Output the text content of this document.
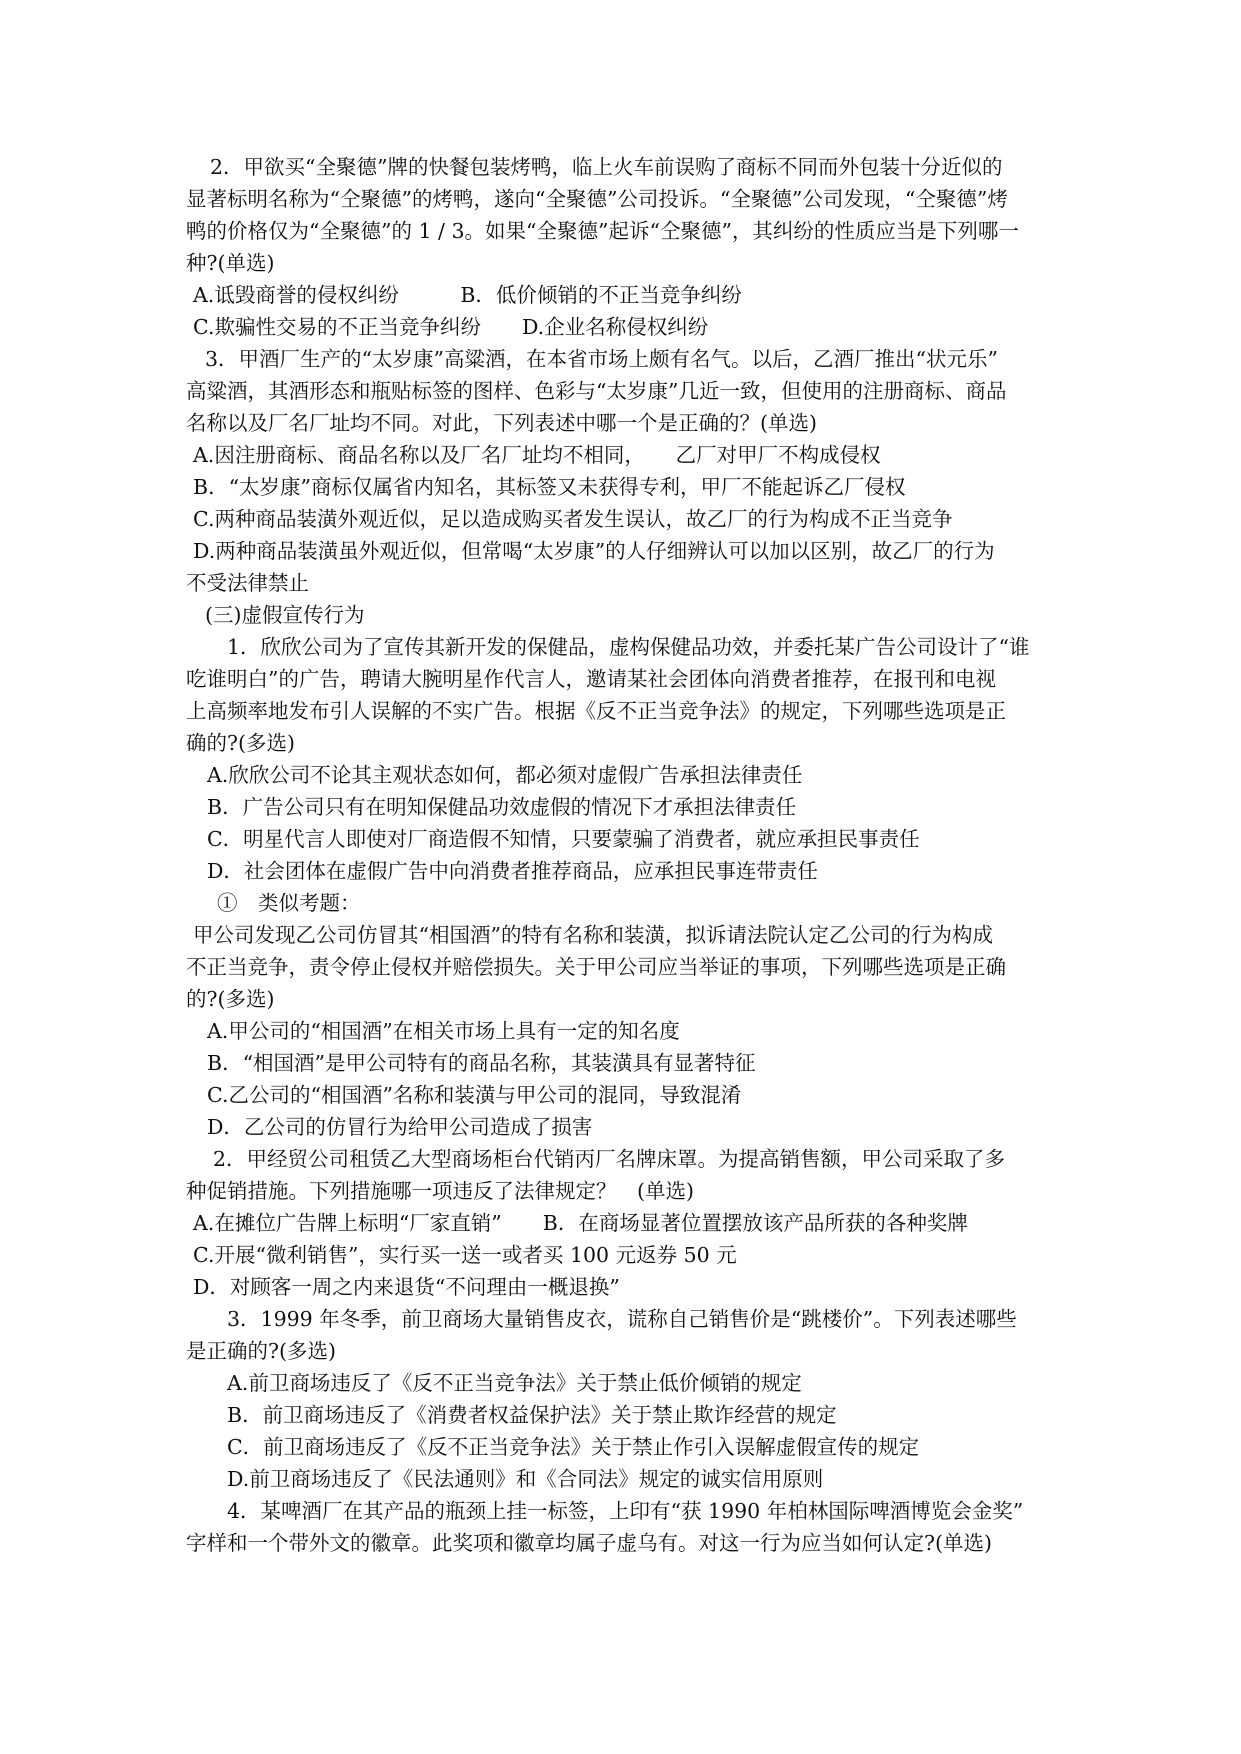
2．甲欲买“全聚德”牌的快餐包装烤鸭，临上火车前误购了商标不同而外包装十分近似的
显著标明名称为“仝聚德”的烤鸭，遂向“全聚德”公司投诉。“全聚德”公司发现，“仝聚德”烤
鸭的价格仅为“全聚德”的 1 / 3。如果“全聚德”起诉“仝聚德”，其纠纷的性质应当是下列哪一
种?(单选)
A.诋毁商誉的侵权纠纷　　　B．低价倾销的不正当竞争纠纷
C.欺骗性交易的不正当竞争纠纷　　D.企业名称侵权纠纷
3．甲酒厂生产的“太岁康”高粱酒，在本省市场上颇有名气。以后，乙酒厂推出“状元乐”
高粱酒，其酒形态和瓶贴标签的图样、色彩与“太岁康”几近一致，但使用的注册商标、商品
名称以及厂名厂址均不同。对此，下列表述中哪一个是正确的？(单选)
A.因注册商标、商品名称以及厂名厂址均不相同，　　乙厂对甲厂不构成侵权
B．“太岁康”商标仅属省内知名，其标签又未获得专利，甲厂不能起诉乙厂侵权
C.两种商品装潢外观近似，足以造成购买者发生误认，故乙厂的行为构成不正当竞争
D.两种商品装潢虽外观近似，但常喝“太岁康”的人仔细辨认可以加以区别，故乙厂的行为
不受法律禁止
(三)虚假宣传行为
1．欣欣公司为了宣传其新开发的保健品，虚构保健品功效，并委托某广告公司设计了“谁
吃谁明白”的广告，聘请大腕明星作代言人，邀请某社会团体向消费者推荐，在报刊和电视
上高频率地发布引人误解的不实广告。根据《反不正当竞争法》的规定，下列哪些选项是正
确的?(多选)
A.欣欣公司不论其主观状态如何，都必须对虚假广告承担法律责任
B．广告公司只有在明知保健品功效虚假的情况下才承担法律责任
C．明星代言人即使对厂商造假不知情，只要蒙骗了消费者，就应承担民事责任
D．社会团体在虚假广告中向消费者推荐商品，应承担民事连带责任
①　类似考题：
甲公司发现乙公司仿冒其“相国酒”的特有名称和装潢，拟诉请法院认定乙公司的行为构成
不正当竞争，责令停止侵权并赔偿损失。关于甲公司应当举证的事项，下列哪些选项是正确
的?(多选)
A.甲公司的“相国酒”在相关市场上具有一定的知名度
B．“相国酒”是甲公司特有的商品名称，其装潢具有显著特征
C.乙公司的“相国酒”名称和装潢与甲公司的混同，导致混淆
D．乙公司的仿冒行为给甲公司造成了损害
2．甲经贸公司租赁乙大型商场柜台代销丙厂名牌床罩。为提高销售额，甲公司采取了多
种促销措施。下列措施哪一项违反了法律规定？　(单选)
A.在摊位广告牌上标明“厂家直销”　　B．在商场显著位置摆放该产品所获的各种奖牌
C.开展“微利销售”，实行买一送一或者买 100 元返券 50 元
D．对顾客一周之内来退货“不问理由一概退换”
3．1999 年冬季，前卫商场大量销售皮衣，谎称自己销售价是“跳楼价”。下列表述哪些
是正确的?(多选)
A.前卫商场违反了《反不正当竞争法》关于禁止低价倾销的规定
B．前卫商场违反了《消费者权益保护法》关于禁止欺诈经营的规定
C．前卫商场违反了《反不正当竞争法》关于禁止作引入误解虚假宣传的规定
D.前卫商场违反了《民法通则》和《合同法》规定的诚实信用原则
4．某啤酒厂在其产品的瓶颈上挂一标签，上印有“获 1990 年柏林国际啤酒博览会金奖”
字样和一个带外文的徽章。此奖项和徽章均属子虚乌有。对这一行为应当如何认定?(单选)
